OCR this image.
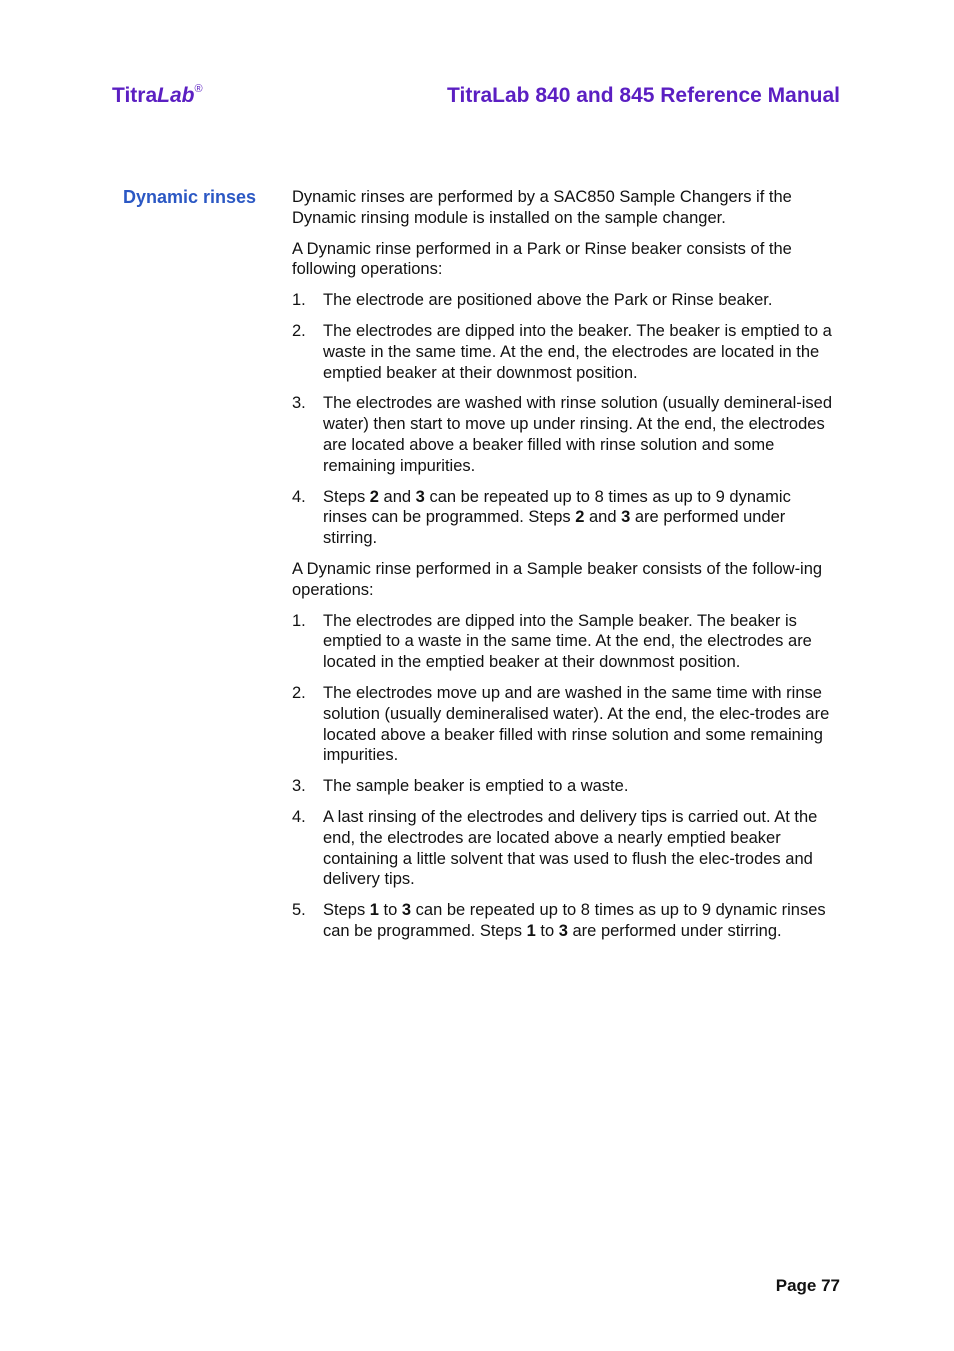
TitraLab®	TitraLab 840 and 845 Reference Manual
Dynamic rinses Dynamic rinses are performed by a SAC850 Sample Changers if the Dynamic rinsing module is installed on the sample changer.

A Dynamic rinse performed in a Park or Rinse beaker consists of the following operations:

1. The electrode are positioned above the Park or Rinse beaker.
2. The electrodes are dipped into the beaker. The beaker is emptied to a waste in the same time. At the end, the electrodes are located in the emptied beaker at their downmost position.
3. The electrodes are washed with rinse solution (usually demineral-ised water) then start to move up under rinsing. At the end, the electrodes are located above a beaker filled with rinse solution and some remaining impurities.
4. Steps 2 and 3 can be repeated up to 8 times as up to 9 dynamic rinses can be programmed. Steps 2 and 3 are performed under stirring.

A Dynamic rinse performed in a Sample beaker consists of the follow-ing operations:

1. The electrodes are dipped into the Sample beaker. The beaker is emptied to a waste in the same time. At the end, the electrodes are located in the emptied beaker at their downmost position.
2. The electrodes move up and are washed in the same time with rinse solution (usually demineralised water). At the end, the elec-trodes are located above a beaker filled with rinse solution and some remaining impurities.
3. The sample beaker is emptied to a waste.
4. A last rinsing of the electrodes and delivery tips is carried out. At the end, the electrodes are located above a nearly emptied beaker containing a little solvent that was used to flush the elec-trodes and delivery tips.
5. Steps 1 to 3 can be repeated up to 8 times as up to 9 dynamic rinses can be programmed. Steps 1 to 3 are performed under stirring.
Page 77
